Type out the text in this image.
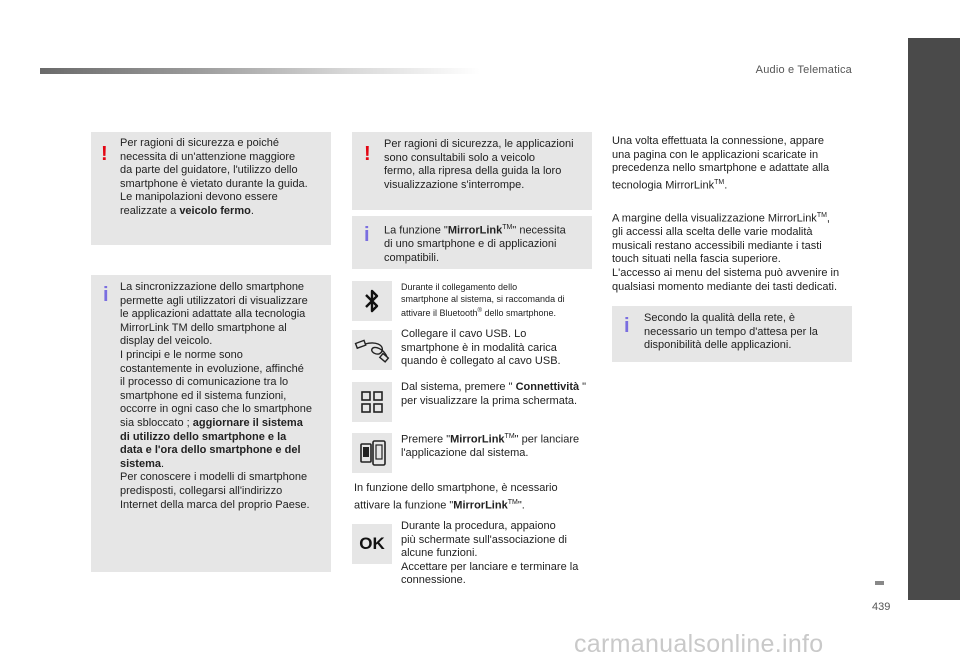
Audio e Telematica
439
carmanualsonline.info
! Per ragioni di sicurezza e poiché
necessita di un'attenzione maggiore
da parte del guidatore, l'utilizzo dello
smartphone è vietato durante la guida.
Le manipolazioni devono essere
realizzate a veicolo fermo.
i La sincronizzazione dello smartphone
permette agli utilizzatori di visualizzare
le applicazioni adattate alla tecnologia
MirrorLink TM dello smartphone al
display del veicolo.
I principi e le norme sono
costantemente in evoluzione, affinché
il processo di comunicazione tra lo
smartphone ed il sistema funzioni,
occorre in ogni caso che lo smartphone
sia sbloccato ; aggiornare il sistema
di utilizzo dello smartphone e la
data e l'ora dello smartphone e del
sistema.
Per conoscere i modelli di smartphone
predisposti, collegarsi all'indirizzo
Internet della marca del proprio Paese.
! Per ragioni di sicurezza, le applicazioni
sono consultabili solo a veicolo
fermo, alla ripresa della guida la loro
visualizzazione s'interrompe.
i La funzione "MirrorLink™" necessita
di uno smartphone e di applicazioni
compatibili.
Durante il collegamento dello
smartphone al sistema, si raccomanda di
attivare il Bluetooth® dello smartphone.
Collegare il cavo USB. Lo
smartphone è in modalità carica
quando è collegato al cavo USB.
Dal sistema, premere " Connettività "
per visualizzare la prima schermata.
Premere "MirrorLink™" per lanciare
l'applicazione dal sistema.
In funzione dello smartphone, è ncessario
attivare la funzione "MirrorLink™".
OK
Durante la procedura, appaiono
più schermate sull'associazione di
alcune funzioni.
Accettare per lanciare e terminare la
connessione.
Una volta effettuata la connessione, appare
una pagina con le applicazioni scaricate in
precedenza nello smartphone e adattate alla
tecnologia MirrorLink™.
A margine della visualizzazione MirrorLink™,
gli accessi alla scelta delle varie modalità
musicali restano accessibili mediante i tasti
touch situati nella fascia superiore.
L'accesso ai menu del sistema può avvenire in
qualsiasi momento mediante dei tasti dedicati.
i Secondo la qualità della rete, è
necessario un tempo d'attesa per la
disponibilità delle applicazioni.
